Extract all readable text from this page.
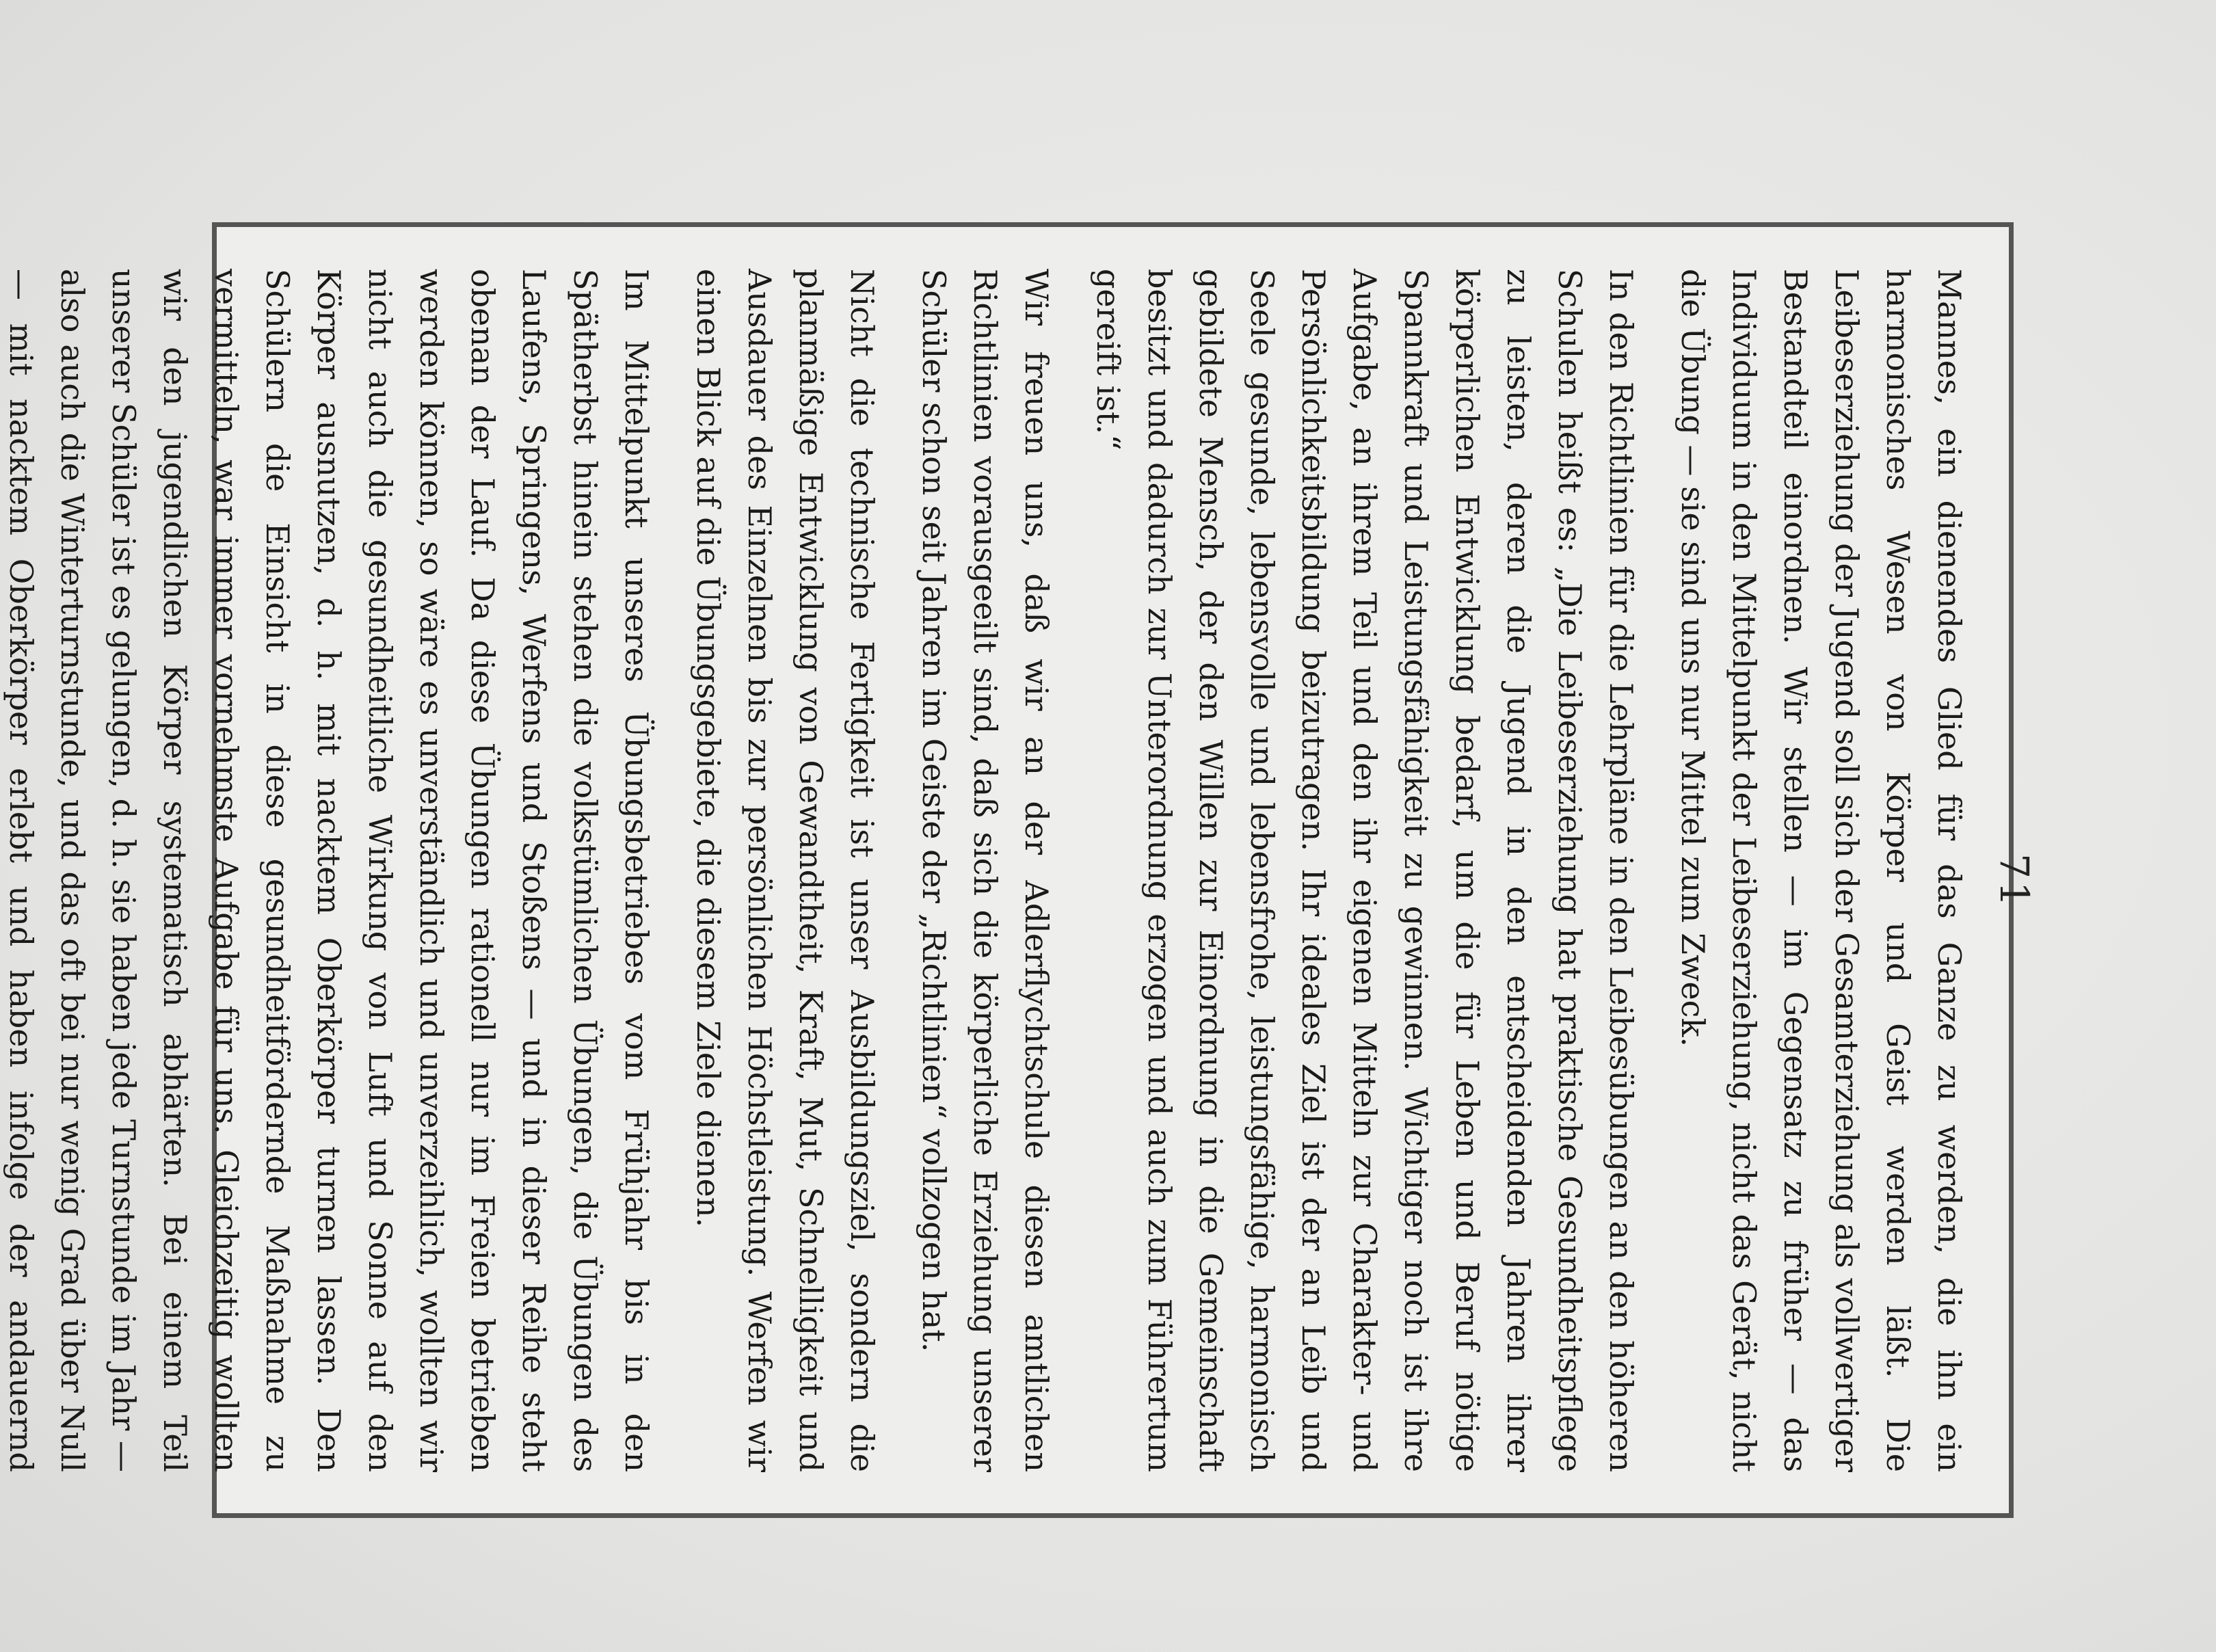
Mannes, ein dienendes Glied für das Ganze zu werden, die ihn ein harmonisches Wesen von Körper und Geist werden läßt. Die Leibeserziehung der Jugend soll sich der Gesamterziehung als vollwertiger Bestandteil einordnen. Wir stellen — im Gegensatz zu früher — das Individuum in den Mittelpunkt der Leibeserziehung, nicht das Gerät, nicht die Übung — sie sind uns nur Mittel zum Zweck.

In den Richtlinien für die Lehrpläne in den Leibesübungen an den höheren Schulen heißt es: „Die Leibeserziehung hat praktische Gesundheitspflege zu leisten, deren die Jugend in den entscheidenden Jahren ihrer körperlichen Entwicklung bedarf, um die für Leben und Beruf nötige Spannkraft und Leistungsfähigkeit zu gewinnen. Wichtiger noch ist ihre Aufgabe, an ihrem Teil und den ihr eigenen Mitteln zur Charakter- und Persönlichkeitsbildung beizutragen. Ihr ideales Ziel ist der an Leib und Seele gesunde, lebensvolle und lebensfrohe, leistungsfähige, harmonisch gebildete Mensch, der den Willen zur Einordnung in die Gemeinschaft besitzt und dadurch zur Unterordnung erzogen und auch zum Führertum gereift ist.“

Wir freuen uns, daß wir an der Adlerflychtschule diesen amtlichen Richtlinien vorausgeeilt sind, daß sich die körperliche Erziehung unserer Schüler schon seit Jahren im Geiste der „Richtlinien“ vollzogen hat.

Nicht die technische Fertigkeit ist unser Ausbildungsziel, sondern die planmäßige Entwicklung von Gewandtheit, Kraft, Mut, Schnelligkeit und Ausdauer des Einzelnen bis zur persönlichen Höchstleistung. Werfen wir einen Blick auf die Übungsgebiete, die diesem Ziele dienen.

Im Mittelpunkt unseres Übungsbetriebes vom Frühjahr bis in den Spätherbst hinein stehen die volkstümlichen Übungen, die Übungen des Laufens, Springens, Werfens und Stoßens — und in dieser Reihe steht obenan der Lauf. Da diese Übungen rationell nur im Freien betrieben werden können, so wäre es unverständlich und unverzeihlich, wollten wir nicht auch die gesundheitliche Wirkung von Luft und Sonne auf den Körper ausnutzen, d. h. mit nacktem Oberkörper turnen lassen. Den Schülern die Einsicht in diese gesundheitfördernde Maßnahme zu vermitteln, war immer vornehmste Aufgabe für uns. Gleichzeitig wollten wir den jugendlichen Körper systematisch abhärten. Bei einem Teil unserer Schüler ist es gelungen, d. h. sie haben jede Turnstunde im Jahr — also auch die Winterturnstunde, und das oft bei nur wenig Grad über Null — mit nacktem Oberkörper erlebt und haben infolge der andauernd

71
